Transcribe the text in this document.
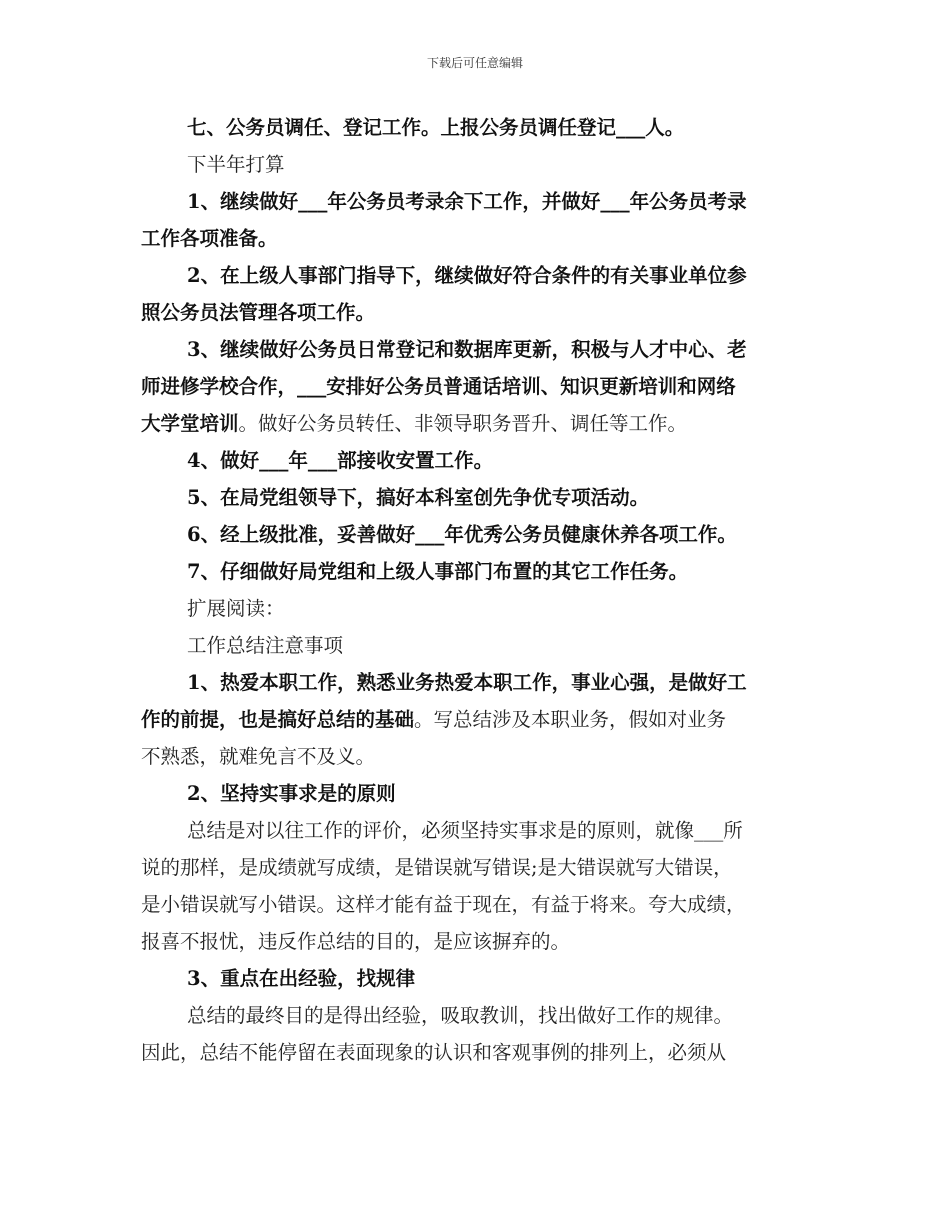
下载后可任意编辑
七、公务员调任、登记工作。上报公务员调任登记___人。
下半年打算
1、继续做好___年公务员考录余下工作，并做好___年公务员考录
工作各项准备。
2、在上级人事部门指导下，继续做好符合条件的有关事业单位参
照公务员法管理各项工作。
3、继续做好公务员日常登记和数据库更新，积极与人才中心、老
师进修学校合作，___安排好公务员普通话培训、知识更新培训和网络
大学堂培训。做好公务员转任、非领导职务晋升、调任等工作。
4、做好___年___部接收安置工作。
5、在局党组领导下，搞好本科室创先争优专项活动。
6、经上级批准，妥善做好___年优秀公务员健康休养各项工作。
7、仔细做好局党组和上级人事部门布置的其它工作任务。
扩展阅读：
工作总结注意事项
1、热爱本职工作，熟悉业务热爱本职工作，事业心强，是做好工
作的前提，也是搞好总结的基础。写总结涉及本职业务，假如对业务
不熟悉，就难免言不及义。
2、坚持实事求是的原则
总结是对以往工作的评价，必须坚持实事求是的原则，就像___所
说的那样，是成绩就写成绩，是错误就写错误;是大错误就写大错误，
是小错误就写小错误。这样才能有益于现在，有益于将来。夸大成绩，
报喜不报忧，违反作总结的目的，是应该摒弃的。
3、重点在出经验，找规律
总结的最终目的是得出经验，吸取教训，找出做好工作的规律。
因此，总结不能停留在表面现象的认识和客观事例的排列上，必须从
